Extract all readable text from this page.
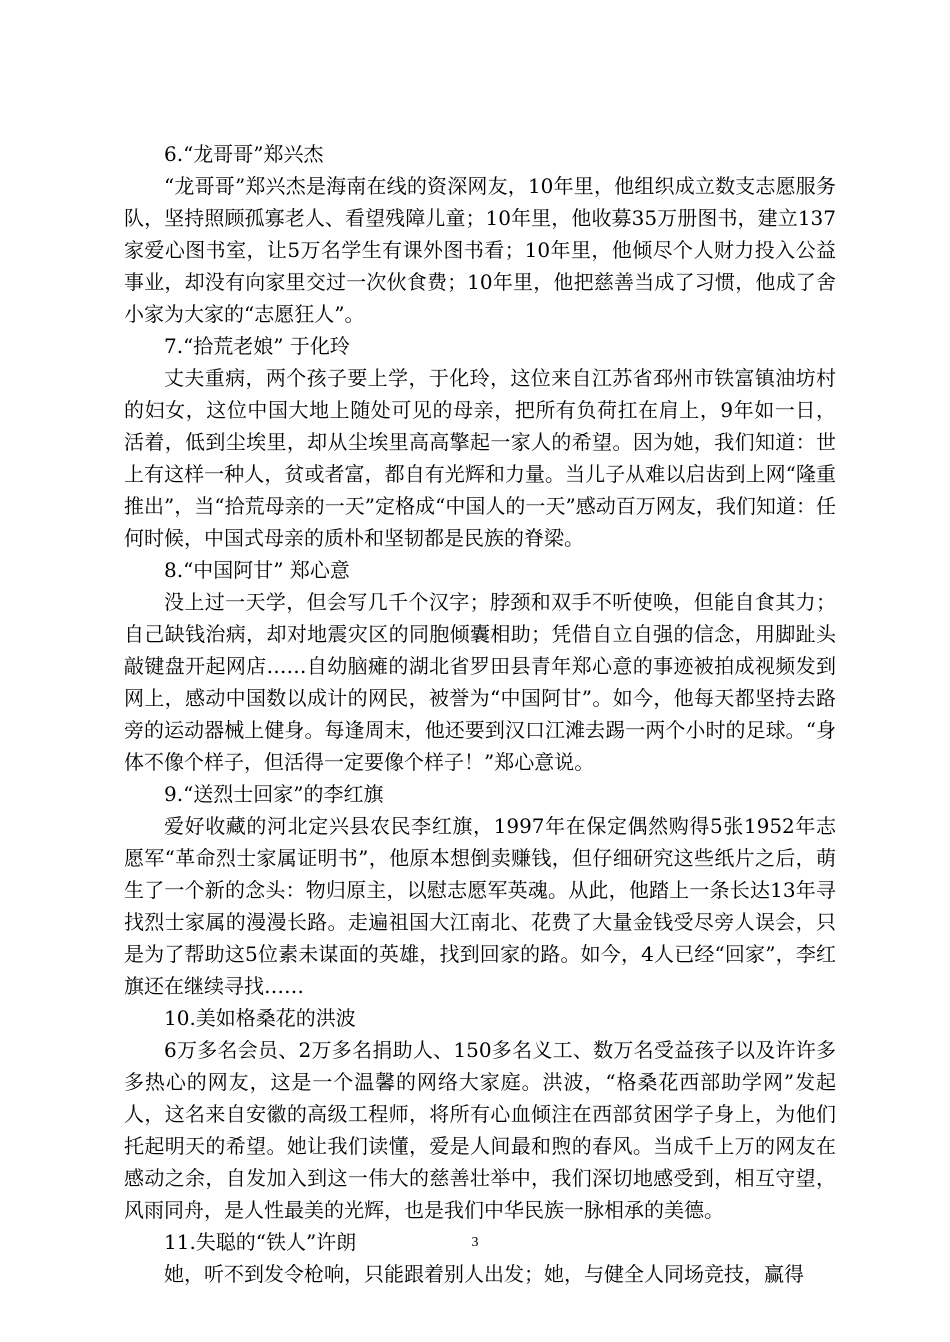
6.“龙哥哥”郑兴杰

“龙哥哥”郑兴杰是海南在线的资深网友，10年里，他组织成立数支志愿服务队，坚持照顾孤寡老人、看望残障儿童；10年里，他收募35万册图书，建立137家爱心图书室，让5万名学生有课外图书看；10年里，他倾尽个人财力投入公益事业，却没有向家里交过一次伙食费；10年里，他把慈善当成了习惯，他成了舍小家为大家的“志愿狂人”。

7.“拾荒老娘” 于化玲

丈夫重病，两个孩子要上学，于化玲，这位来自江苏省邳州市铁富镇油坊村的妇女，这位中国大地上随处可见的母亲，把所有负荷扛在肩上，9年如一日，活着，低到尘埃里，却从尘埃里高高擎起一家人的希望。因为她，我们知道：世上有这样一种人，贫或者富，都自有光辉和力量。当儿子从难以启齿到上网“隆重推出”，当“拾荒母亲的一天”定格成“中国人的一天”感动百万网友，我们知道：任何时候，中国式母亲的质朴和坚韧都是民族的脊梁。

8.“中国阿甘” 郑心意

没上过一天学，但会写几千个汉字；脖颈和双手不听使唤，但能自食其力；自己缺钱治病，却对地震灾区的同胞倾囊相助；凭借自立自强的信念，用脚趾头敲键盘开起网店……自幼脑瘫的湖北省罗田县青年郑心意的事迹被拍成视频发到网上，感动中国数以成计的网民，被誉为“中国阿甘”。如今，他每天都坚持去路旁的运动器械上健身。每逢周末，他还要到汉口江滩去踢一两个小时的足球。“身体不像个样子，但活得一定要像个样子！”郑心意说。

9.“送烈士回家”的李红旗

爱好收藏的河北定兴县农民李红旗，1997年在保定偶然购得5张1952年志愿军“革命烈士家属证明书”，他原本想倒卖赚钱，但仔细研究这些纸片之后，萌生了一个新的念头：物归原主，以慰志愿军英魂。从此，他踏上一条长达13年寻找烈士家属的漫漫长路。走遍祖国大江南北、花费了大量金钱受尽旁人误会，只是为了帮助这5位素未谋面的英雄，找到回家的路。如今，4人已经“回家”，李红旗还在继续寻找……

10.美如格桑花的洪波

6万多名会员、2万多名捐助人、150多名义工、数万名受益孩子以及许许多多热心的网友，这是一个温馨的网络大家庭。洪波，“格桑花西部助学网”发起人，这名来自安徽的高级工程师，将所有心血倾注在西部贫困学子身上，为他们托起明天的希望。她让我们读懂，爱是人间最和煦的春风。当成千上万的网友在感动之余，自发加入到这一伟大的慈善壮举中，我们深切地感受到，相互守望，风雨同舟，是人性最美的光辉，也是我们中华民族一脉相承的美德。

11.失聪的“铁人”许朗

她，听不到发令枪响，只能跟着别人出发；她，与健全人同场竞技，赢得

3
